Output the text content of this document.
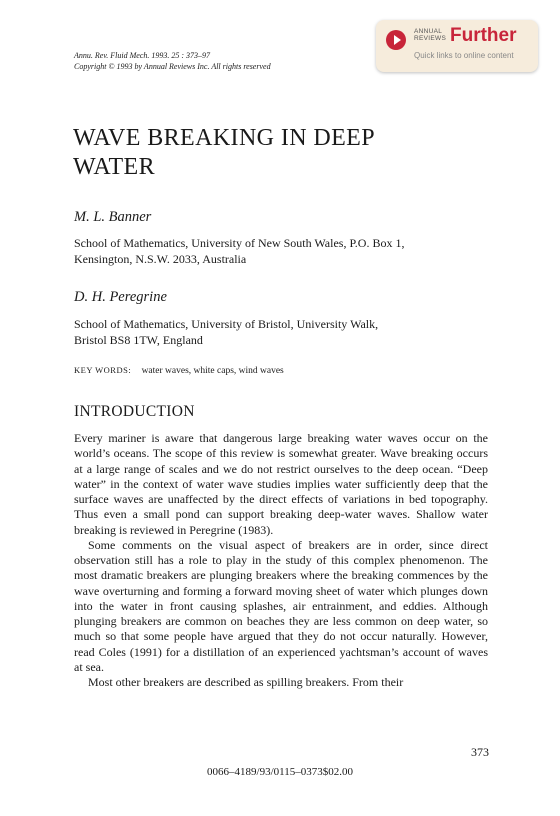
Annu. Rev. Fluid Mech. 1993. 25 : 373–97
Copyright © 1993 by Annual Reviews Inc. All rights reserved
ANNUAL
REVIEWS Further
Quick links to online content
WAVE BREAKING IN DEEP
WATER
M. L. Banner
School of Mathematics, University of New South Wales, P.O. Box 1,
Kensington, N.S.W. 2033, Australia
D. H. Peregrine
School of Mathematics, University of Bristol, University Walk,
Bristol BS8 1TW, England
KEY WORDS: water waves, white caps, wind waves
INTRODUCTION

Every mariner is aware that dangerous large breaking water waves occur on the world’s oceans. The scope of this review is somewhat greater. Wave breaking occurs at a large range of scales and we do not restrict ourselves to the deep ocean. “Deep water” in the context of water wave studies implies water sufficiently deep that the surface waves are unaffected by the direct effects of variations in bed topography. Thus even a small pond can support breaking deep-water waves. Shallow water breaking is reviewed in Peregrine (1983).

Some comments on the visual aspect of breakers are in order, since direct observation still has a role to play in the study of this complex phenomenon. The most dramatic breakers are plunging breakers where the breaking commences by the wave overturning and forming a forward moving sheet of water which plunges down into the water in front causing splashes, air entrainment, and eddies. Although plunging breakers are common on beaches they are less common on deep water, so much so that some people have argued that they do not occur naturally. However, read Coles (1991) for a distillation of an experienced yachtsman’s account of waves at sea.

Most other breakers are described as spilling breakers. From their

373
0066–4189/93/0115–0373$02.00
